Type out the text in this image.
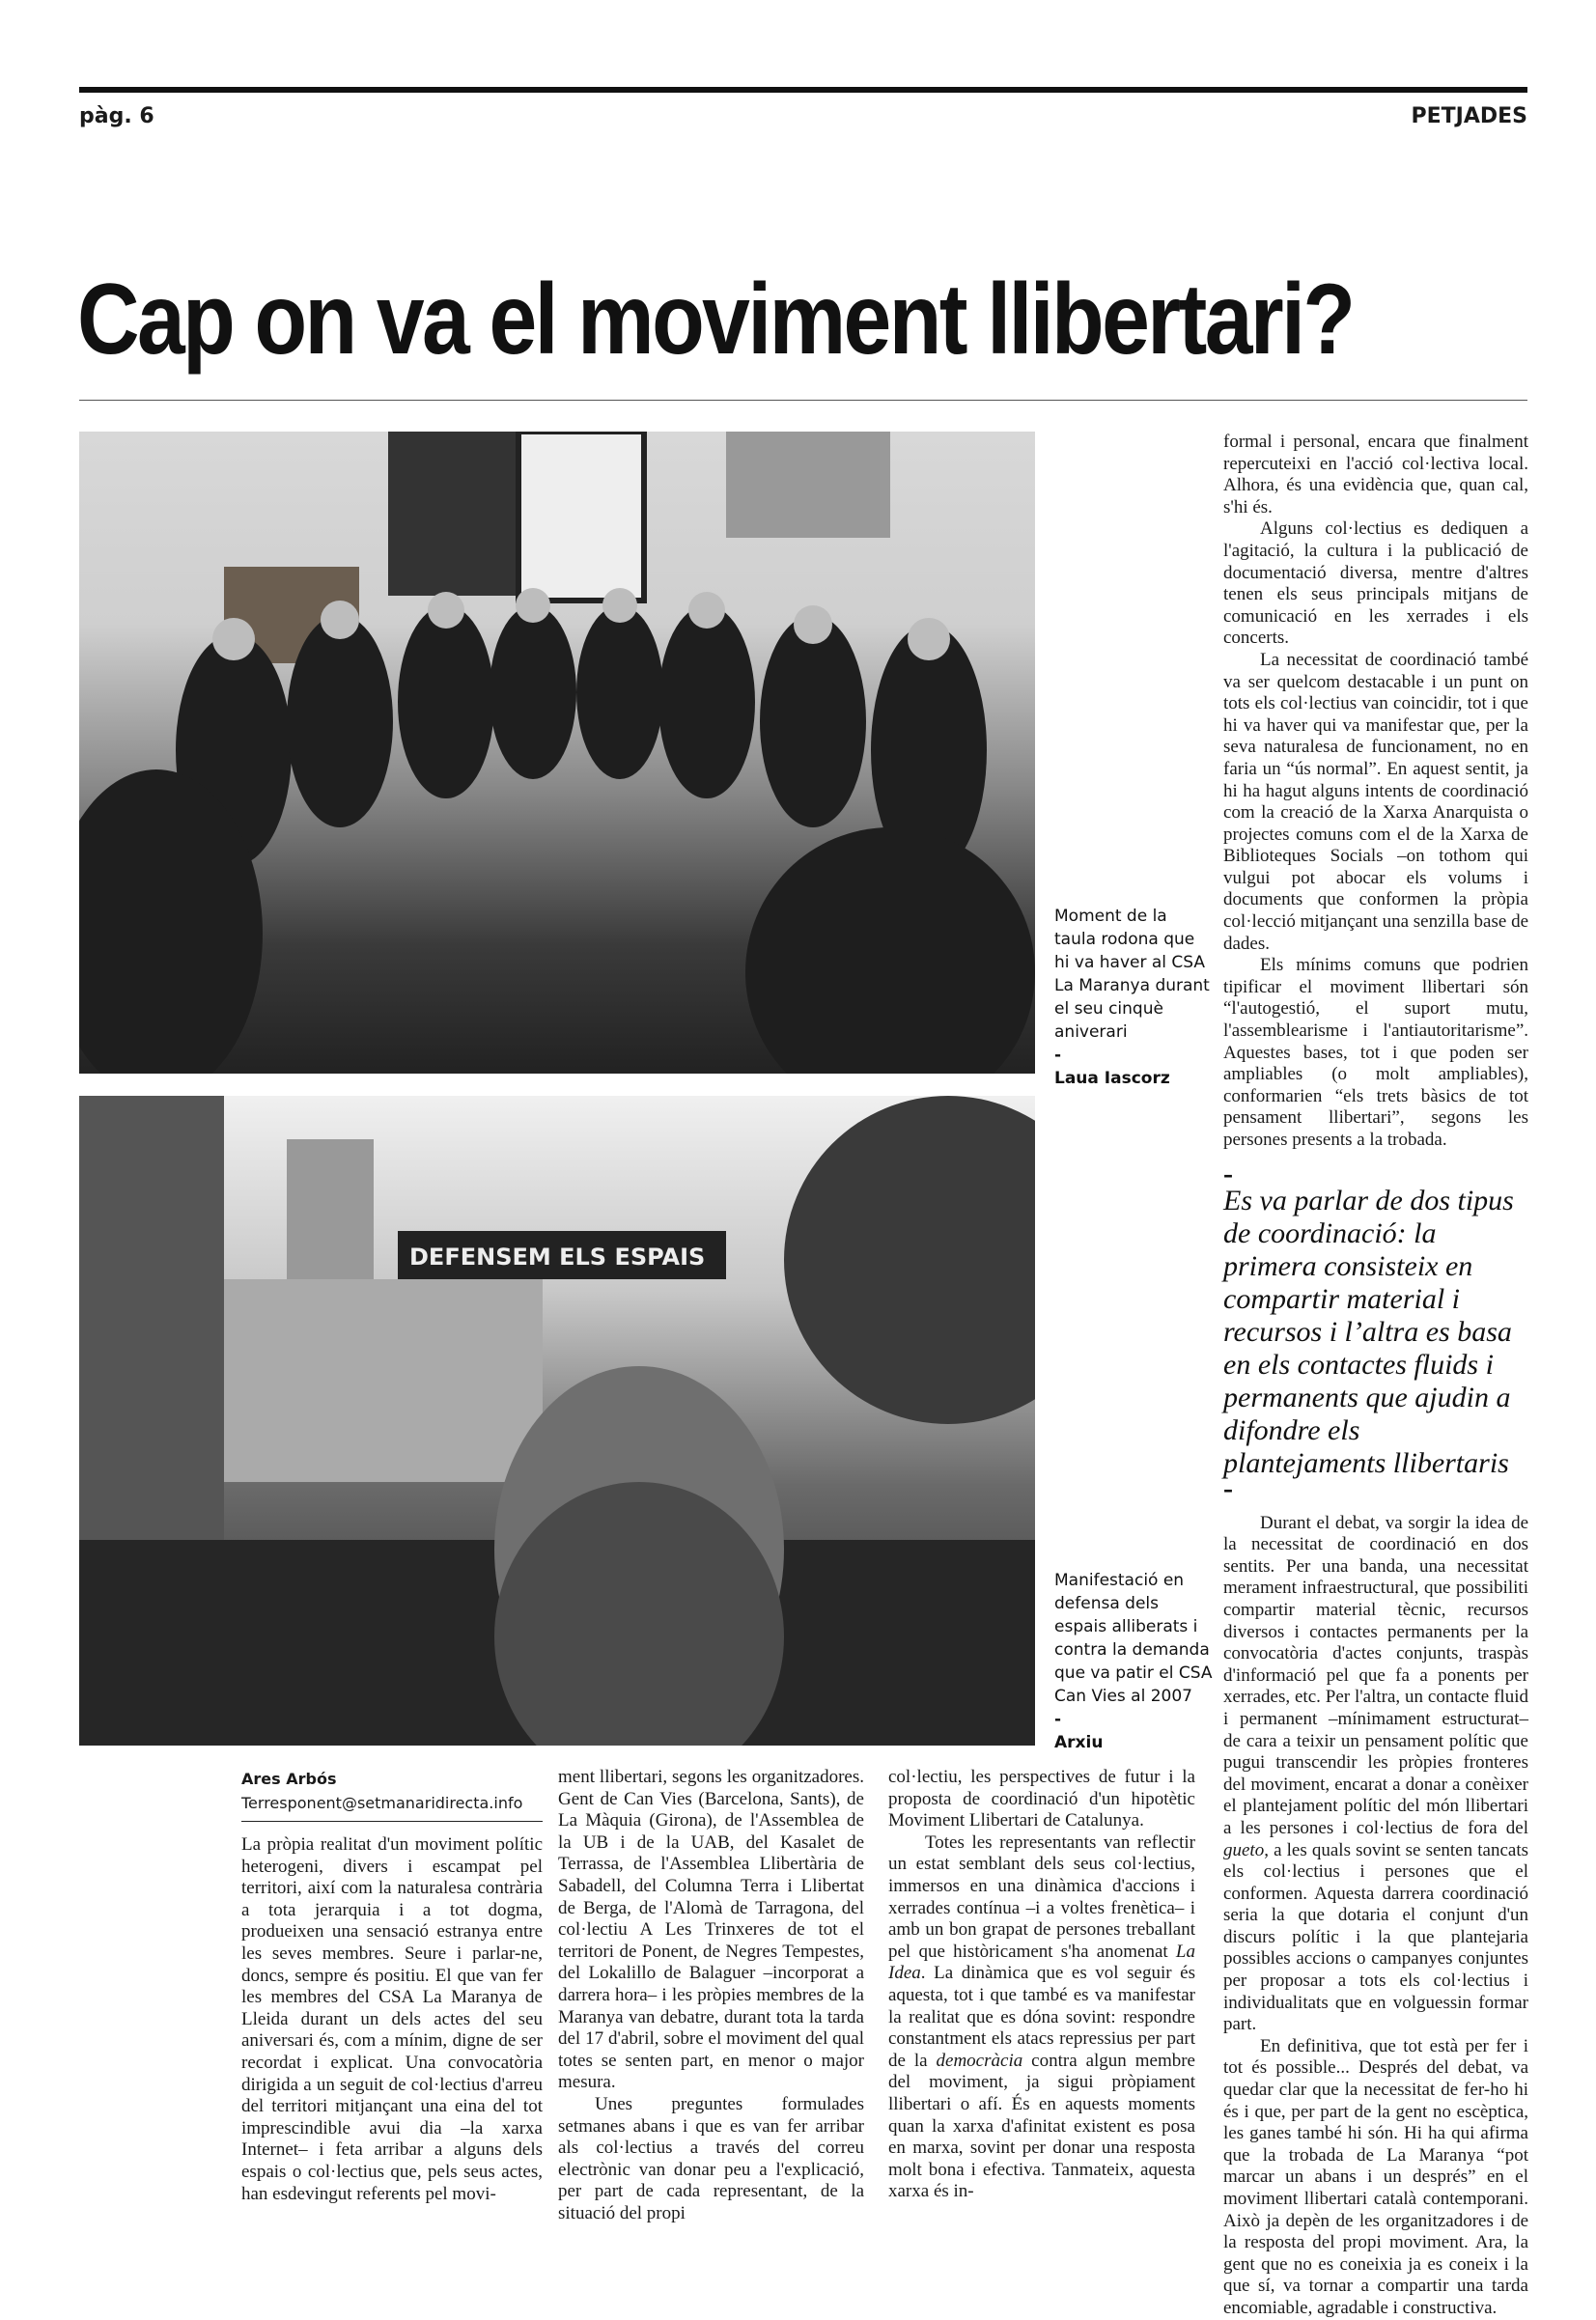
pàg. 6	PETJADES
Cap on va el moviment llibertari?
Moment de la taula rodona que hi va haver al CSA La Maranya durant el seu cinquè aniverari
-
Laua Iascorz
DEFENSEM ELS ESPAIS
Manifestació en defensa dels espais alliberats i contra la demanda que va patir el CSA Can Vies al 2007
-
Arxiu

formal i personal, encara que finalment repercuteixi en l'acció col·lectiva local. Alhora, és una evidència que, quan cal, s'hi és.

Alguns col·lectius es dediquen a l'agitació, la cultura i la publicació de documentació diversa, mentre d'altres tenen els seus principals mitjans de comunicació en les xerrades i els concerts.

La necessitat de coordinació també va ser quelcom destacable i un punt on tots els col·lectius van coincidir, tot i que hi va haver qui va manifestar que, per la seva naturalesa de funcionament, no en faria un “ús normal”. En aquest sentit, ja hi ha hagut alguns intents de coordinació com la creació de la Xarxa Anarquista o projectes comuns com el de la Xarxa de Biblioteques Socials –on tothom qui vulgui pot abocar els volums i documents que conformen la pròpia col·lecció mitjançant una senzilla base de dades.

Els mínims comuns que podrien tipificar el moviment llibertari són “l'autogestió, el suport mutu, l'assemblearisme i l'antiautoritarisme”. Aquestes bases, tot i que poden ser ampliables (o molt ampliables), conformarien “els trets bàsics de tot pensament llibertari”, segons les persones presents a la trobada.

–
Es va parlar de dos tipus de coordinació: la primera consisteix en compartir material i recursos i l’altra es basa en els contactes fluids i permanents que ajudin a difondre els plantejaments llibertaris
–

Durant el debat, va sorgir la idea de la necessitat de coordinació en dos sentits. Per una banda, una necessitat merament infraestructural, que possibiliti compartir material tècnic, recursos diversos i contactes permanents per la convocatòria d'actes conjunts, traspàs d'informació pel que fa a ponents per xerrades, etc. Per l'altra, un contacte fluid i permanent –mínimament estructurat– de cara a teixir un pensament polític que pugui transcendir les pròpies fronteres del moviment, encarat a donar a conèixer el plantejament polític del món llibertari a les persones i col·lectius de fora del gueto, a les quals sovint se senten tancats els col·lectius i persones que el conformen. Aquesta darrera coordinació seria la que dotaria el conjunt d'un discurs polític i la que plantejaria possibles accions o campanyes conjuntes per proposar a tots els col·lectius i individualitats que en volguessin formar part.

En definitiva, que tot està per fer i tot és possible... Després del debat, va quedar clar que la necessitat de fer-ho hi és i que, per part de la gent no escèptica, les ganes també hi són. Hi ha qui afirma que la trobada de La Maranya “pot marcar un abans i un després” en el moviment llibertari català contemporani. Això ja depèn de les organitzadores i de la resposta del propi moviment. Ara, la gent que no es coneixia ja es coneix i la que sí, va tornar a compartir una tarda encomiable, agradable i constructiva.

Ares Arbós
Terresponent@setmanaridirecta.info

La pròpia realitat d'un moviment polític heterogeni, divers i escampat pel territori, així com la naturalesa contrària a tota jerarquia i a tot dogma, produeixen una sensació estranya entre les seves membres. Seure i parlar-ne, doncs, sempre és positiu. El que van fer les membres del CSA La Maranya de Lleida durant un dels actes del seu aniversari és, com a mínim, digne de ser recordat i explicat. Una convocatòria dirigida a un seguit de col·lectius d'arreu del territori mitjançant una eina del tot imprescindible avui dia –la xarxa Internet– i feta arribar a alguns dels espais o col·lectius que, pels seus actes, han esdevingut referents pel movi-

ment llibertari, segons les organitzadores. Gent de Can Vies (Barcelona, Sants), de La Màquia (Girona), de l'Assemblea de la UB i de la UAB, del Kasalet de Terrassa, de l'Assemblea Llibertària de Sabadell, del Columna Terra i Llibertat de Berga, de l'Alomà de Tarragona, del col·lectiu A Les Trinxeres de tot el territori de Ponent, de Negres Tempestes, del Lokalillo de Balaguer –incorporat a darrera hora– i les pròpies membres de la Maranya van debatre, durant tota la tarda del 17 d'abril, sobre el moviment del qual totes se senten part, en menor o major mesura.

Unes preguntes formulades setmanes abans i que es van fer arribar als col·lectius a través del correu electrònic van donar peu a l'explicació, per part de cada representant, de la situació del propi

col·lectiu, les perspectives de futur i la proposta de coordinació d'un hipotètic Moviment Llibertari de Catalunya.

Totes les representants van reflectir un estat semblant dels seus col·lectius, immersos en una dinàmica d'accions i xerrades contínua –i a voltes frenètica– i amb un bon grapat de persones treballant pel que històricament s'ha anomenat La Idea. La dinàmica que es vol seguir és aquesta, tot i que també es va manifestar la realitat que es dóna sovint: respondre constantment els atacs repressius per part de la democràcia contra algun membre del moviment, ja sigui pròpiament llibertari o afí. És en aquests moments quan la xarxa d'afinitat existent es posa en marxa, sovint per donar una resposta molt bona i efectiva. Tanmateix, aquesta xarxa és in-
